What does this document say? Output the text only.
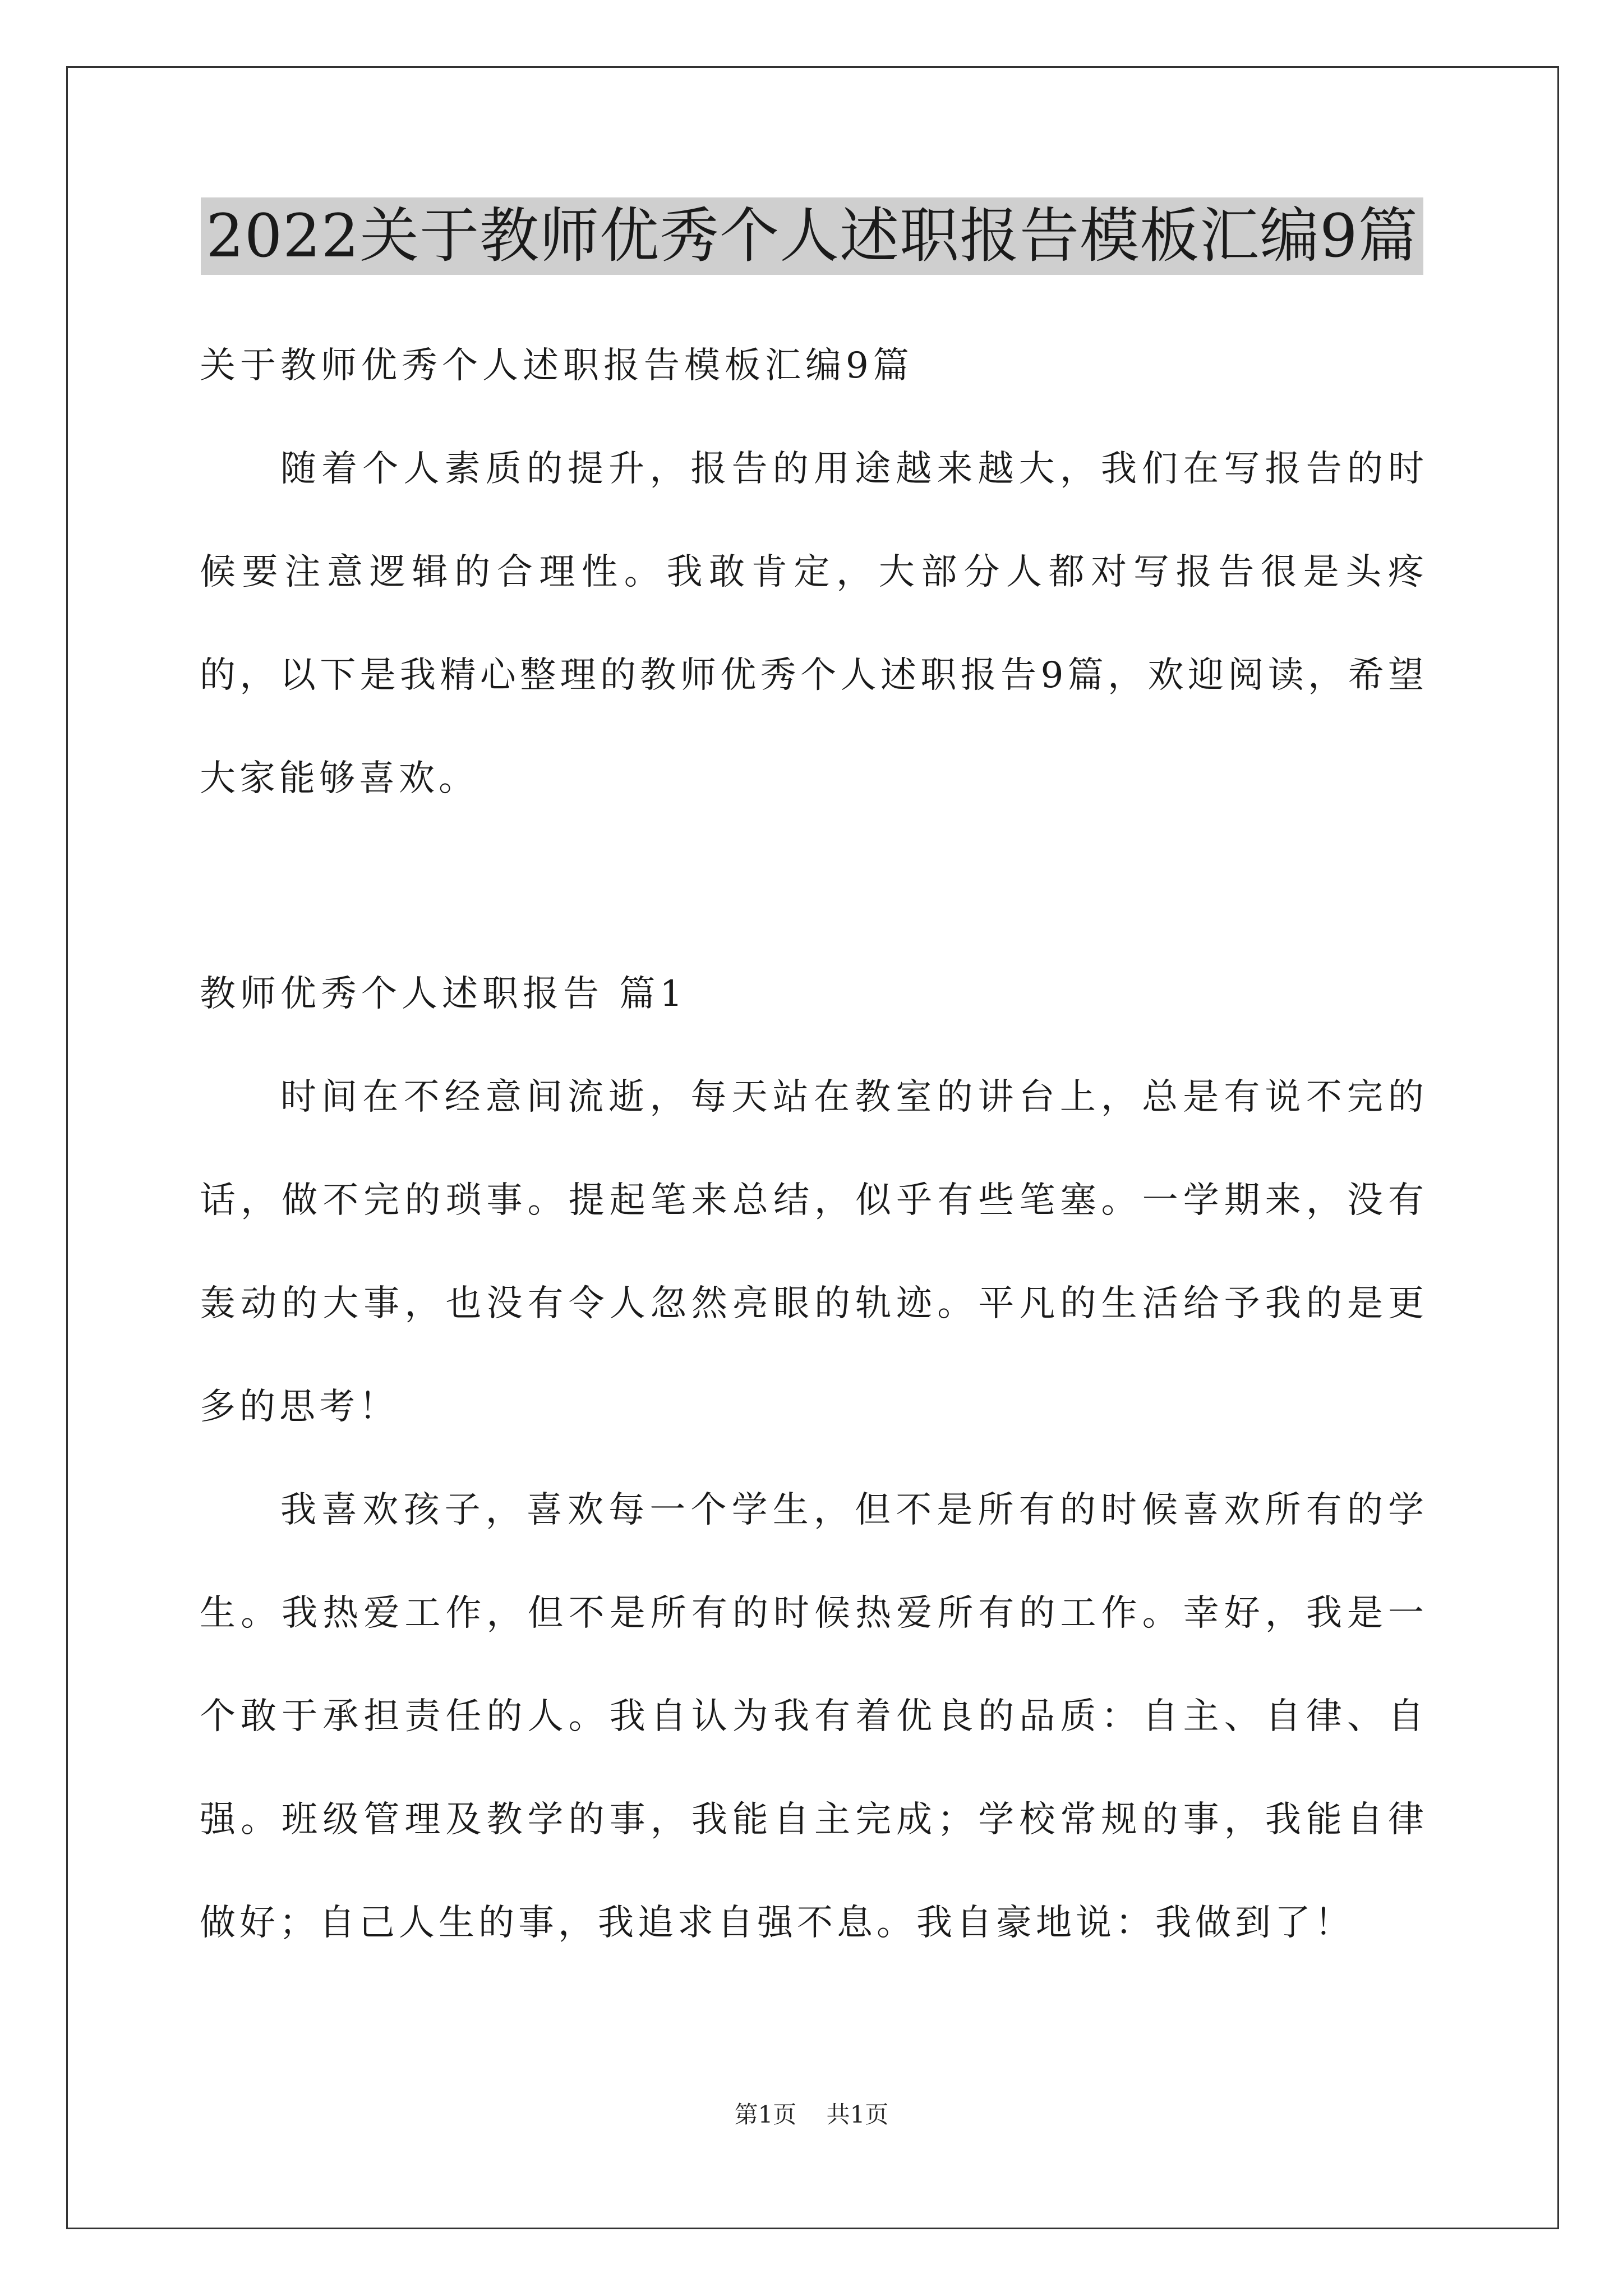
2022关于教师优秀个人述职报告模板汇编9篇

关于教师优秀个人述职报告模板汇编9篇

随着个人素质的提升，报告的用途越来越大，我们在写报告的时候要注意逻辑的合理性。我敢肯定，大部分人都对写报告很是头疼的，以下是我精心整理的教师优秀个人述职报告9篇，欢迎阅读，希望大家能够喜欢。

教师优秀个人述职报告 篇1

时间在不经意间流逝，每天站在教室的讲台上，总是有说不完的话，做不完的琐事。提起笔来总结，似乎有些笔塞。一学期来，没有轰动的大事，也没有令人忽然亮眼的轨迹。平凡的生活给予我的是更多的思考！

我喜欢孩子，喜欢每一个学生，但不是所有的时候喜欢所有的学生。我热爱工作，但不是所有的时候热爱所有的工作。幸好，我是一个敢于承担责任的人。我自认为我有着优良的品质：自主、自律、自强。班级管理及教学的事，我能自主完成；学校常规的事，我能自律做好；自己人生的事，我追求自强不息。我自豪地说：我做到了！

第1页 共1页
